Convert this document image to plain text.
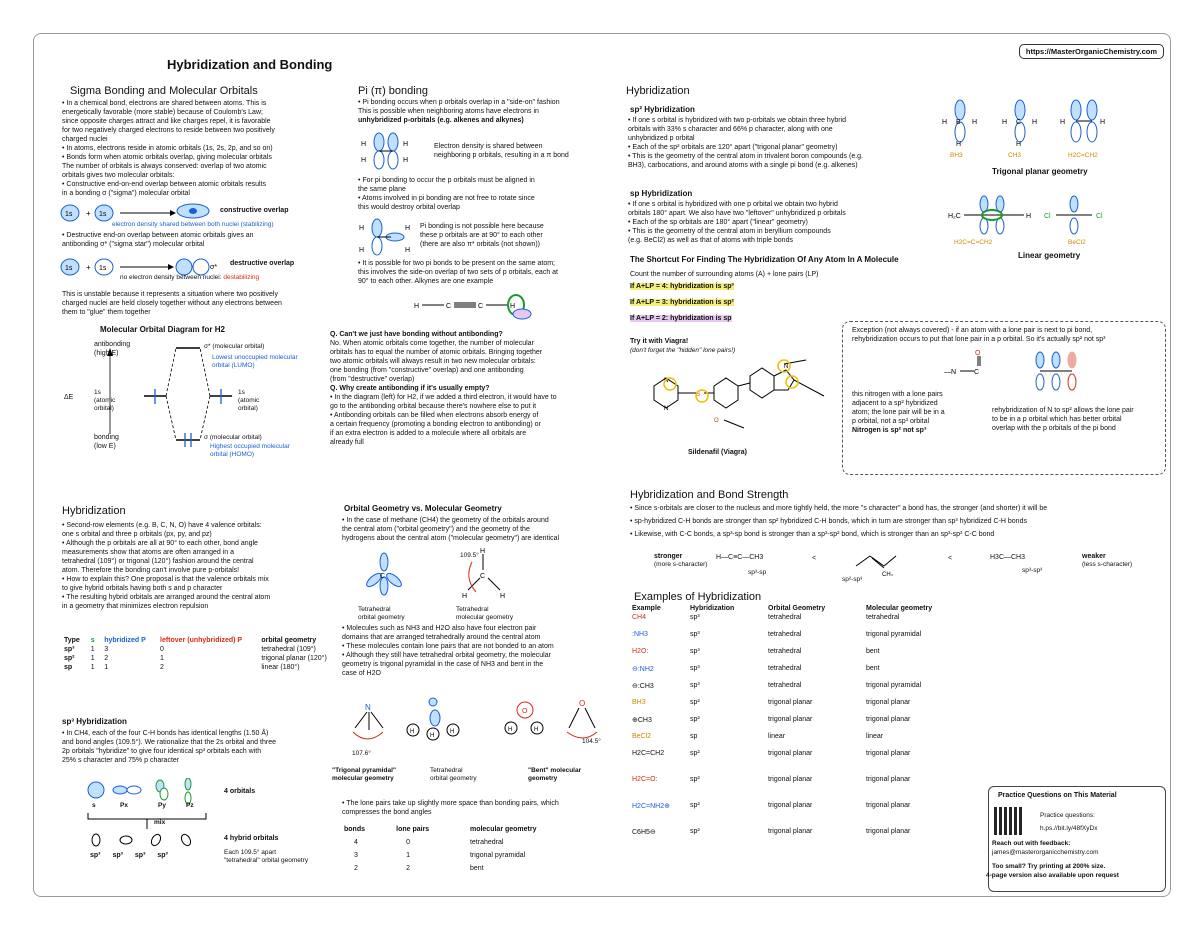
Hybridization and Bonding
https://MasterOrganicChemistry.com
Sigma Bonding and Molecular Orbitals
• In a chemical bond, electrons are shared between atoms. This is
energetically favorable (more stable) because of Coulomb's Law;
since opposite charges attract and like charges repel, it is favorable
for two negatively charged electrons to reside between two positively
charged nuclei
• In atoms, electrons reside in atomic orbitals (1s, 2s, 2p, and so on)
• Bonds form when atomic orbitals overlap, giving molecular orbitals
The number of orbitals is always conserved: overlap of two atomic
orbitals gives two molecular orbitals:
• Constructive end-on-end overlap between atomic orbitals results
in a bonding σ ("sigma") molecular orbital
1s + 1s
constructive overlap
electron density shared between both nuclei (stabilizing)
• Destructive end-on overlap between atomic orbitals gives an
antibonding σ* ("sigma star") molecular orbital
1s + 1s	σ*
destructive overlap
no electron density between nuclei: destabilizing
This is unstable because it represents a situation where two positively
charged nuclei are held closely together without any electrons between
them to "glue" them together
Molecular Orbital Diagram for H2
antibonding
(high E)
σ* (molecular orbital)
Lowest unoccupied molecular
orbital (LUMO)
ΔE
1s
(atomic
orbital)
1s
(atomic
orbital)
bonding
(low E)
σ (molecular orbital)
Highest occupied molecular
orbital (HOMO)
Pi (π) bonding
• Pi bonding occurs when p orbitals overlap in a "side-on" fashion
This is possible when neighboring atoms have electrons in
unhybridized p-orbitals (e.g. alkenes and alkynes)
H
H
H
H
Electron density is shared between
neighboring p orbitals, resulting in a π bond
• For pi bonding to occur the p orbitals must be aligned in
the same plane
• Atoms involved in pi bonding are not free to rotate since
this would destroy orbital overlap
H
H
H
H
Pi bonding is not possible here because
these p orbitals are at 90° to each other
(there are also π* orbitals (not shown))
• It is possible for two pi bonds to be present on the same atom;
this involves the side-on overlap of two sets of p orbitals, each at
90° to each other. Alkynes are one example
H	C	C	H
Q. Can't we just have bonding without antibonding?
No. When atomic orbitals come together, the number of molecular
orbitals has to equal the number of atomic orbitals. Bringing together
two atomic orbitals will always result in two new molecular orbitals:
one bonding (from "constructive" overlap) and one antibonding
(from "destructive" overlap)
Q. Why create antibonding if it's usually empty?
• In the diagram (left) for H2, if we added a third electron, it would have to
go to the antibonding orbital because there's nowhere else to put it
• Antibonding orbitals can be filled when electrons absorb energy of
a certain frequency (promoting a bonding electron to antibonding) or
if an extra electron is added to a molecule where all orbitals are
already full
Hybridization
sp² Hybridization
• If one s orbital is hybridized with two p-orbitals we obtain three hybrid
orbitals with 33% s character and 66% p character, along with one
unhybridized p orbital
• Each of the sp² orbitals are 120° apart ("trigonal planar" geometry)
• This is the geometry of the central atom in trivalent boron compounds (e.g.
BH3), carbocations, and around atoms with a single pi bond (e.g. alkenes)
sp Hybridization
• If one s orbital is hybridized with one p orbital we obtain two hybrid
orbitals 180° apart. We also have two "leftover" unhybridized p orbitals
• Each of the sp orbitals are 180° apart ("linear" geometry)
• This is the geometry of the central atom in beryllium compounds
(e.g. BeCl2) as well as that of atoms with triple bonds
The Shortcut For Finding The Hybridization Of Any Atom In A Molecule
Count the number of surrounding atoms (A) + lone pairs (LP)
If A+LP = 4: hybridization is sp³
If A+LP = 3: hybridization is sp²
If A+LP = 2: hybridization is sp
H B H
H
H C H
H
H	H
BH3	CH3	H2C=CH2
Trigonal planar geometry
H₂C	H Cl	Cl
H2C=C=CH2	BeCl2
Linear geometry
Try it with Viagra!
(don't forget the "hidden" lone pairs!)
N
N
S
N
O
Sildenafil (Viagra)
Exception (not always covered) - if an atom with a lone pair is next to pi bond,
rehybridization occurs to put that lone pair in a p orbital. So it's actually sp² not sp³
—N	C
O
this nitrogen with a lone pairs
adjacent to a sp² hybridized
atom; the lone pair will be in a
p orbital, not a sp³ orbital
Nitrogen is sp² not sp³
rehybridization of N to sp² allows the lone pair
to be in a p orbital which has better orbital
overlap with the p orbitals of the pi bond
Hybridization
• Second-row elements (e.g. B, C, N, O) have 4 valence orbitals:
one s orbital and three p orbitals (px, py, and pz)
• Although the p orbitals are all at 90° to each other, bond angle
measurements show that atoms are often arranged in a
tetrahedral (109°) or trigonal (120°) fashion around the central
atom. Therefore the bonding can't involve pure p-orbitals!
• How to explain this? One proposal is that the valence orbitals mix
to give hybrid orbitals having both s and p character
• The resulting hybrid orbitals are arranged around the central atom
in a geometry that minimizes electron repulsion
Type	s	hybridized P	leftover (unhybridized) P	orbital geometry
sp³	1	3	0	tetrahedral (109°)
sp²	1	2	1	trigonal planar (120°)
sp	1	1	2	linear (180°)
sp³ Hybridization
• In CH4, each of the four C-H bonds has identical lengths (1.50 Å)
and bond angles (109.5°). We rationalize that the 2s orbital and three
2p orbitals "hybridize" to give four identical sp³ orbitals each with
25% s character and 75% p character
s	Px	Py	Pz
4 orbitals
mix
4 hybrid orbitals
sp³ sp³ sp³ sp³	Each 109.5° apart
"tetrahedral" orbital geometry
Orbital Geometry vs. Molecular Geometry
• In the case of methane (CH4) the geometry of the orbitals around
the central atom ("orbital geometry") and the geometry of the
hydrogens about the central atom ("molecular geometry") are identical
C	C
H
H	H
109.5°
Tetrahedral
orbital geometry
Tetrahedral
molecular geometry
• Molecules such as NH3 and H2O also have four electron pair
domains that are arranged tetrahedrally around the central atom
• These molecules contain lone pairs that are not bonded to an atom
• Although they still have tetrahedral orbital geometry, the molecular
geometry is trigonal pyramidal in the case of NH3 and bent in the
case of H2O
N
H
H
H
O
H	H
O
107.6°
104.5°
"Trigonal pyramidal"
molecular geometry
Tetrahedral
orbital geometry
"Bent" molecular
geometry
• The lone pairs take up slightly more space than bonding pairs, which
compresses the bond angles
bonds	lone pairs	molecular geometry
4	0	tetrahedral
3	1	trigonal pyramidal
2	2	bent
Hybridization and Bond Strength
• Since s-orbitals are closer to the nucleus and more tightly held, the more "s character" a bond has, the stronger (and shorter) it will be
• sp-hybridized C-H bonds are stronger than sp² hybridized C-H bonds, which in turn are stronger than sp³ hybridized C-H bonds
• Likewise, with C-C bonds, a sp³-sp bond is stronger than a sp³-sp² bond, which is stronger than an sp³-sp³ C-C bond
stronger
(more s-character)
H—C≡C—CH3
sp³-sp
<
CH₃
sp²-sp³
<	H3C—CH3
sp³-sp³
weaker
(less s-character)
Examples of Hybridization
Example	Hybridization	Orbital Geometry	Molecular geometry
CH4	sp³	tetrahedral	tetrahedral
:NH3	sp³	tetrahedral	trigonal pyramidal
H2O:	sp³	tetrahedral	bent
⊖:NH2	sp³	tetrahedral	bent
⊖:CH3	sp³	tetrahedral	trigonal pyramidal
BH3	sp²	trigonal planar	trigonal planar
⊕CH3	sp²	trigonal planar	trigonal planar
BeCl2	sp	linear	linear
H2C=CH2	sp²	trigonal planar	trigonal planar
H2C=O:	sp²	trigonal planar	trigonal planar
H2C=NH2⊕	sp²	trigonal planar	trigonal planar
C6H5⊖	sp²	trigonal planar	trigonal planar
Practice Questions on This Material
Practice questions:
h.ps.//bit.ly/48fXyDx
Reach out with feedback:
james@masterorganicchemistry.com
Too small? Try printing at 200% size.
4-page version also available upon request
